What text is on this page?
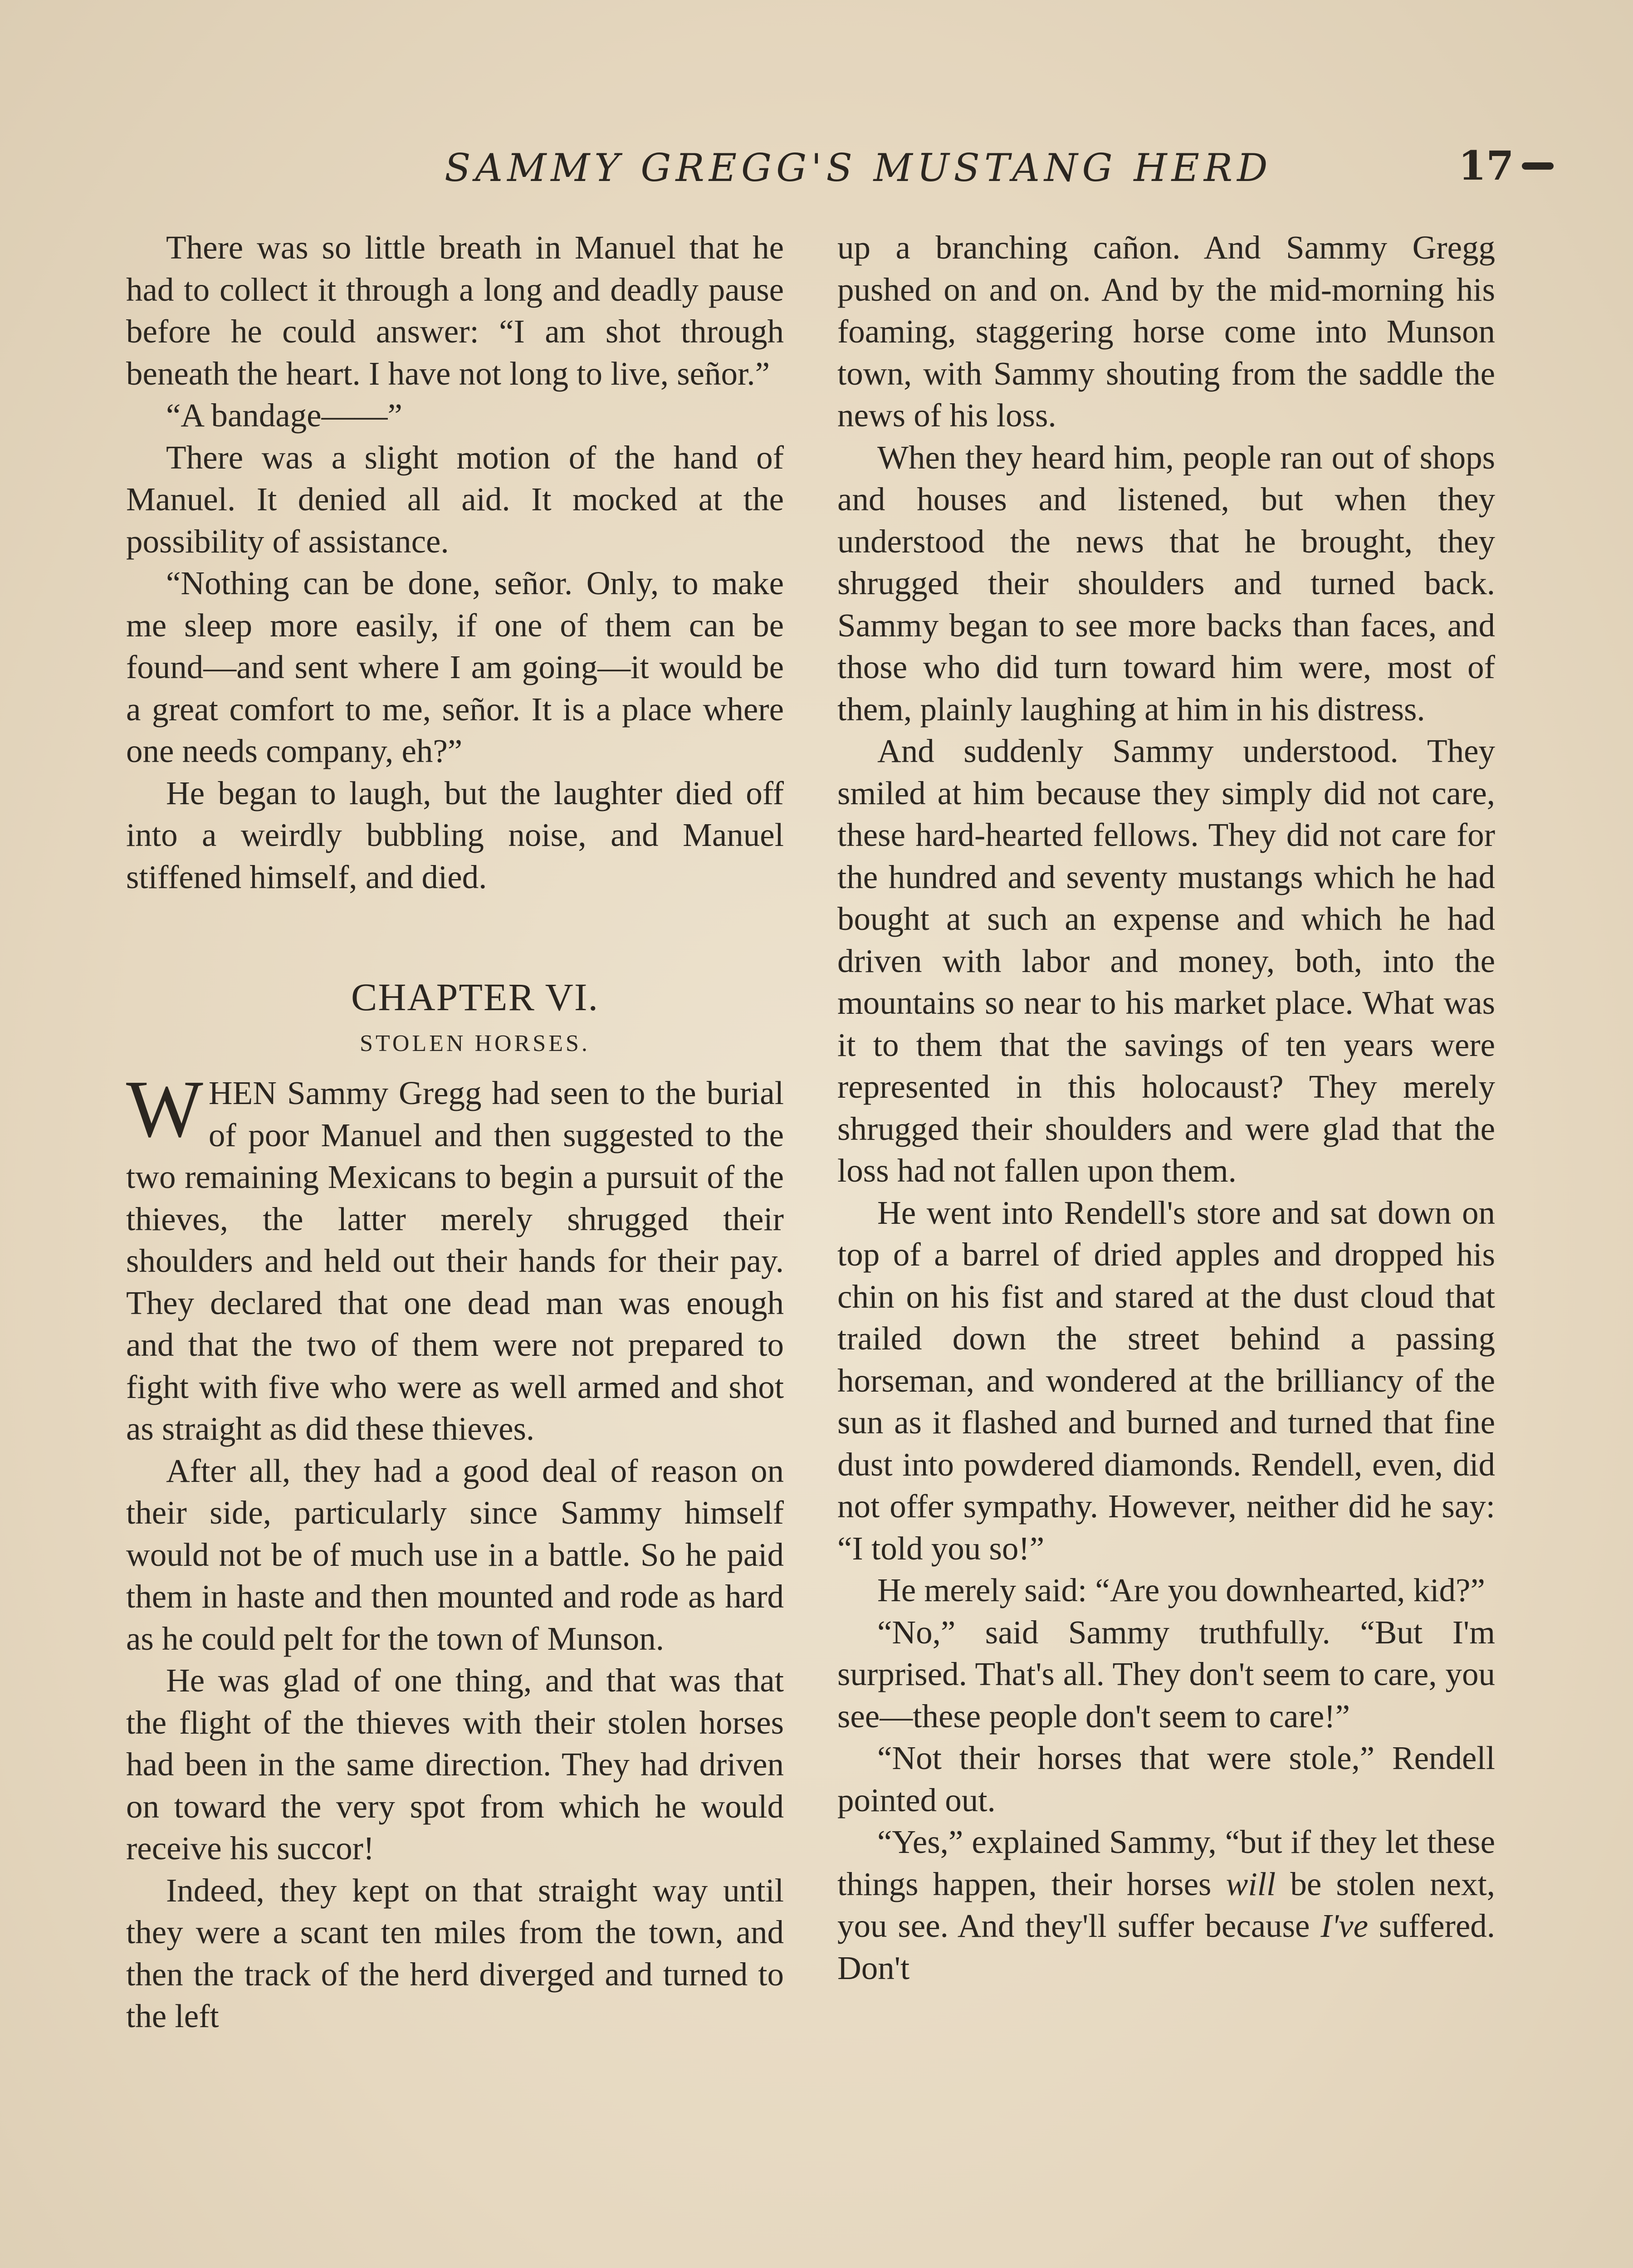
SAMMY GREGG'S MUSTANG HERD	17

There was so little breath in Manuel that he had to collect it through a long and deadly pause before he could answer: “I am shot through beneath the heart. I have not long to live, señor.”

“A bandage——”

There was a slight motion of the hand of Manuel. It denied all aid. It mocked at the possibility of assistance.

“Nothing can be done, señor. Only, to make me sleep more easily, if one of them can be found—and sent where I am going—it would be a great comfort to me, señor. It is a place where one needs company, eh?”

He began to laugh, but the laughter died off into a weirdly bubbling noise, and Manuel stiffened himself, and died.

CHAPTER VI.

STOLEN HORSES.

WHEN Sammy Gregg had seen to the burial of poor Manuel and then suggested to the two remaining Mexicans to begin a pursuit of the thieves, the latter merely shrugged their shoulders and held out their hands for their pay. They declared that one dead man was enough and that the two of them were not prepared to fight with five who were as well armed and shot as straight as did these thieves.

After all, they had a good deal of reason on their side, particularly since Sammy himself would not be of much use in a battle. So he paid them in haste and then mounted and rode as hard as he could pelt for the town of Munson.

He was glad of one thing, and that was that the flight of the thieves with their stolen horses had been in the same direction. They had driven on toward the very spot from which he would receive his succor!

Indeed, they kept on that straight way until they were a scant ten miles from the town, and then the track of the herd diverged and turned to the left

up a branching cañon. And Sammy Gregg pushed on and on. And by the mid-morning his foaming, staggering horse come into Munson town, with Sammy shouting from the saddle the news of his loss.

When they heard him, people ran out of shops and houses and listened, but when they understood the news that he brought, they shrugged their shoulders and turned back. Sammy began to see more backs than faces, and those who did turn toward him were, most of them, plainly laughing at him in his distress.

And suddenly Sammy understood. They smiled at him because they simply did not care, these hard-hearted fellows. They did not care for the hundred and seventy mustangs which he had bought at such an expense and which he had driven with labor and money, both, into the mountains so near to his market place. What was it to them that the savings of ten years were represented in this holocaust? They merely shrugged their shoulders and were glad that the loss had not fallen upon them.

He went into Rendell's store and sat down on top of a barrel of dried apples and dropped his chin on his fist and stared at the dust cloud that trailed down the street behind a passing horseman, and wondered at the brilliancy of the sun as it flashed and burned and turned that fine dust into powdered diamonds. Rendell, even, did not offer sympathy. However, neither did he say: “I told you so!”

He merely said: “Are you downhearted, kid?”

“No,” said Sammy truthfully. “But I'm surprised. That's all. They don't seem to care, you see—these people don't seem to care!”

“Not their horses that were stole,” Rendell pointed out.

“Yes,” explained Sammy, “but if they let these things happen, their horses will be stolen next, you see. And they'll suffer because I've suffered. Don't
